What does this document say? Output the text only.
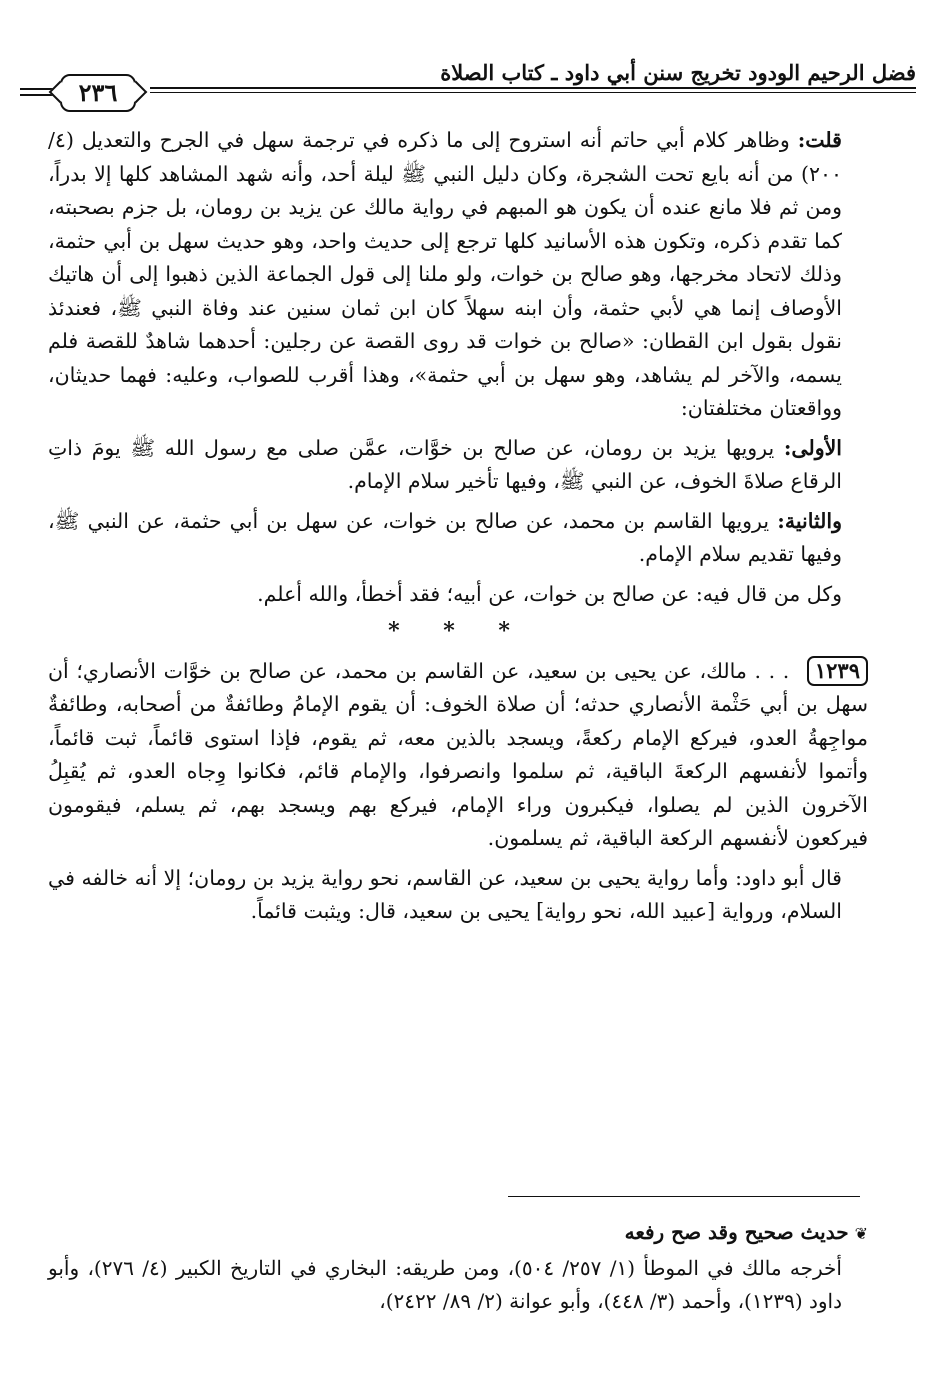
فضل الرحيم الودود تخريج سنن أبي داود ـ كتاب الصلاة
٢٣٦

قلت: وظاهر كلام أبي حاتم أنه استروح إلى ما ذكره في ترجمة سهل في الجرح والتعديل (٤/ ٢٠٠) من أنه بايع تحت الشجرة، وكان دليل النبي ﷺ ليلة أحد، وأنه شهد المشاهد كلها إلا بدراً، ومن ثم فلا مانع عنده أن يكون هو المبهم في رواية مالك عن يزيد بن رومان، بل جزم بصحبته، كما تقدم ذكره، وتكون هذه الأسانيد كلها ترجع إلى حديث واحد، وهو حديث سهل بن أبي حثمة، وذلك لاتحاد مخرجها، وهو صالح بن خوات، ولو ملنا إلى قول الجماعة الذين ذهبوا إلى أن هاتيك الأوصاف إنما هي لأبي حثمة، وأن ابنه سهلاً كان ابن ثمان سنين عند وفاة النبي ﷺ، فعندئذ نقول بقول ابن القطان: «صالح بن خوات قد روى القصة عن رجلين: أحدهما شاهدٌ للقصة فلم يسمه، والآخر لم يشاهد، وهو سهل بن أبي حثمة»، وهذا أقرب للصواب، وعليه: فهما حديثان، وواقعتان مختلفتان:

الأولى: يرويها يزيد بن رومان، عن صالح بن خوَّات، عمَّن صلى مع رسول الله ﷺ يومَ ذاتِ الرقاع صلاةَ الخوف، عن النبي ﷺ، وفيها تأخير سلام الإمام.

والثانية: يرويها القاسم بن محمد، عن صالح بن خوات، عن سهل بن أبي حثمة، عن النبي ﷺ، وفيها تقديم سلام الإمام.

وكل من قال فيه: عن صالح بن خوات، عن أبيه؛ فقد أخطأ، والله أعلم.

* * *

١٢٣٩ . . . مالك، عن يحيى بن سعيد، عن القاسم بن محمد، عن صالح بن خوَّات الأنصاري؛ أن سهل بن أبي حَثْمة الأنصاري حدثه؛ أن صلاة الخوف: أن يقوم الإمامُ وطائفةٌ من أصحابه، وطائفةٌ مواجِهةُ العدو، فيركع الإمام ركعةً، ويسجد بالذين معه، ثم يقوم، فإذا استوى قائماً، ثبت قائماً، وأتموا لأنفسهم الركعةَ الباقية، ثم سلموا وانصرفوا، والإمام قائم، فكانوا وِجاه العدو، ثم يُقبِلُ الآخرون الذين لم يصلوا، فيكبرون وراء الإمام، فيركع بهم ويسجد بهم، ثم يسلم، فيقومون فيركعون لأنفسهم الركعة الباقية، ثم يسلمون.

قال أبو داود: وأما رواية يحيى بن سعيد، عن القاسم، نحو رواية يزيد بن رومان؛ إلا أنه خالفه في السلام، ورواية [عبيد الله، نحو رواية] يحيى بن سعيد، قال: ويثبت قائماً.

❦حديث صحيح وقد صح رفعه

أخرجه مالك في الموطأ (١/ ٢٥٧/ ٥٠٤)، ومن طريقه: البخاري في التاريخ الكبير (٤/ ٢٧٦)، وأبو داود (١٢٣٩)، وأحمد (٣/ ٤٤٨)، وأبو عوانة (٢/ ٨٩/ ٢٤٢٢)،
